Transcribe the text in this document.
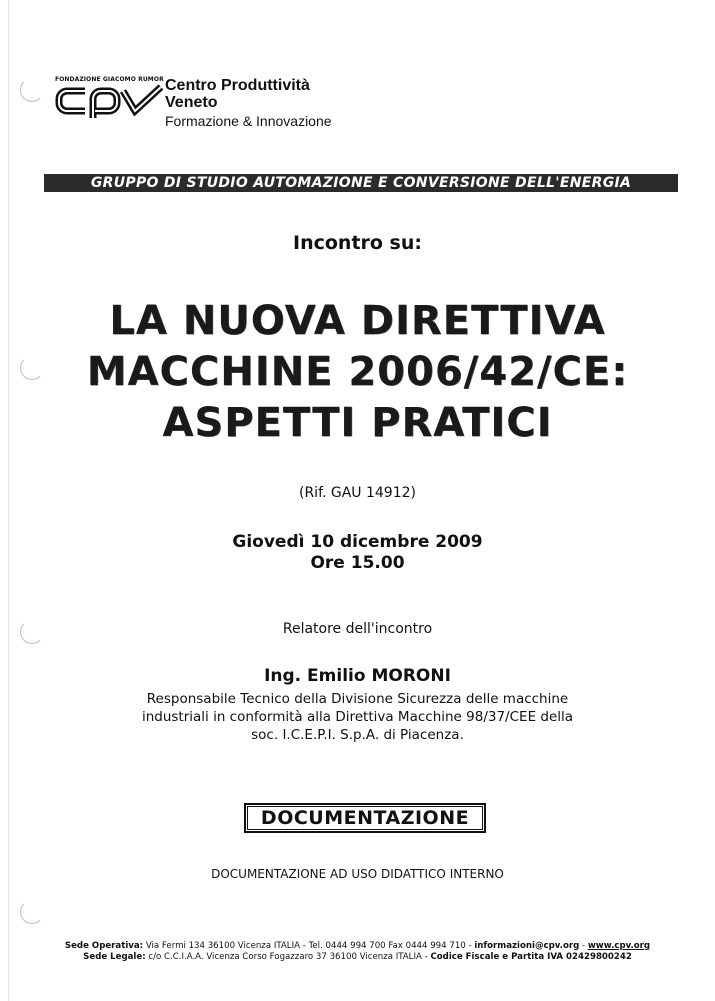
FONDAZIONE GIACOMO RUMOR
cpv
Centro Produttività
Veneto
Formazione & Innovazione
GRUPPO DI STUDIO AUTOMAZIONE E CONVERSIONE DELL'ENERGIA
Incontro su:
LA NUOVA DIRETTIVA
MACCHINE 2006/42/CE:
ASPETTI PRATICI
(Rif. GAU 14912)
Giovedì 10 dicembre 2009
Ore 15.00
Relatore dell'incontro
Ing. Emilio MORONI
Responsabile Tecnico della Divisione Sicurezza delle macchine
industriali in conformità alla Direttiva Macchine 98/37/CEE della
soc. I.C.E.P.I. S.p.A. di Piacenza.
DOCUMENTAZIONE
DOCUMENTAZIONE AD USO DIDATTICO INTERNO
Sede Operativa: Via Fermi 134 36100 Vicenza ITALIA - Tel. 0444 994 700 Fax 0444 994 710 - informazioni@cpv.org - www.cpv.org
Sede Legale: c/o C.C.I.A.A. Vicenza Corso Fogazzaro 37 36100 Vicenza ITALIA - Codice Fiscale e Partita IVA 02429800242
